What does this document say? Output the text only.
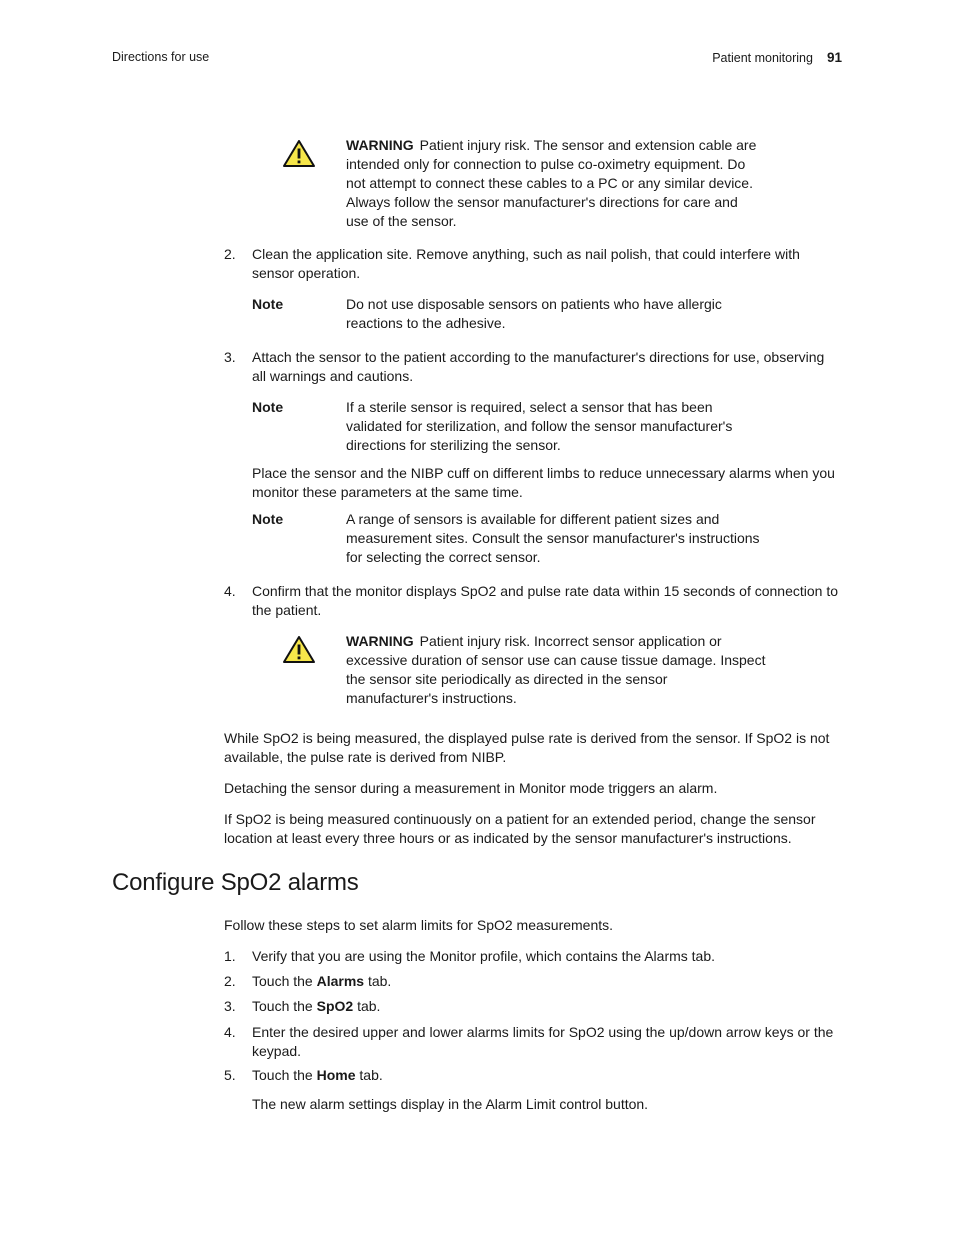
Directions for use	Patient monitoring 91
WARNING Patient injury risk. The sensor and extension cable are
intended only for connection to pulse co-oximetry equipment. Do
not attempt to connect these cables to a PC or any similar device.
Always follow the sensor manufacturer's directions for care and
use of the sensor.
2. Clean the application site. Remove anything, such as nail polish, that could interfere with
sensor operation.
Note	Do not use disposable sensors on patients who have allergic
reactions to the adhesive.
3. Attach the sensor to the patient according to the manufacturer's directions for use, observing
all warnings and cautions.
Note	If a sterile sensor is required, select a sensor that has been
validated for sterilization, and follow the sensor manufacturer's
directions for sterilizing the sensor.
Place the sensor and the NIBP cuff on different limbs to reduce unnecessary alarms when you
monitor these parameters at the same time.
Note	A range of sensors is available for different patient sizes and
measurement sites. Consult the sensor manufacturer's instructions
for selecting the correct sensor.
4. Confirm that the monitor displays SpO2 and pulse rate data within 15 seconds of connection to
the patient.
WARNING Patient injury risk. Incorrect sensor application or
excessive duration of sensor use can cause tissue damage. Inspect
the sensor site periodically as directed in the sensor
manufacturer's instructions.
While SpO2 is being measured, the displayed pulse rate is derived from the sensor. If SpO2 is not
available, the pulse rate is derived from NIBP.
Detaching the sensor during a measurement in Monitor mode triggers an alarm.
If SpO2 is being measured continuously on a patient for an extended period, change the sensor
location at least every three hours or as indicated by the sensor manufacturer's instructions.
Configure SpO2 alarms
Follow these steps to set alarm limits for SpO2 measurements.
1. Verify that you are using the Monitor profile, which contains the Alarms tab.
2. Touch the Alarms tab.
3. Touch the SpO2 tab.
4. Enter the desired upper and lower alarms limits for SpO2 using the up/down arrow keys or the
keypad.
5. Touch the Home tab.
The new alarm settings display in the Alarm Limit control button.
